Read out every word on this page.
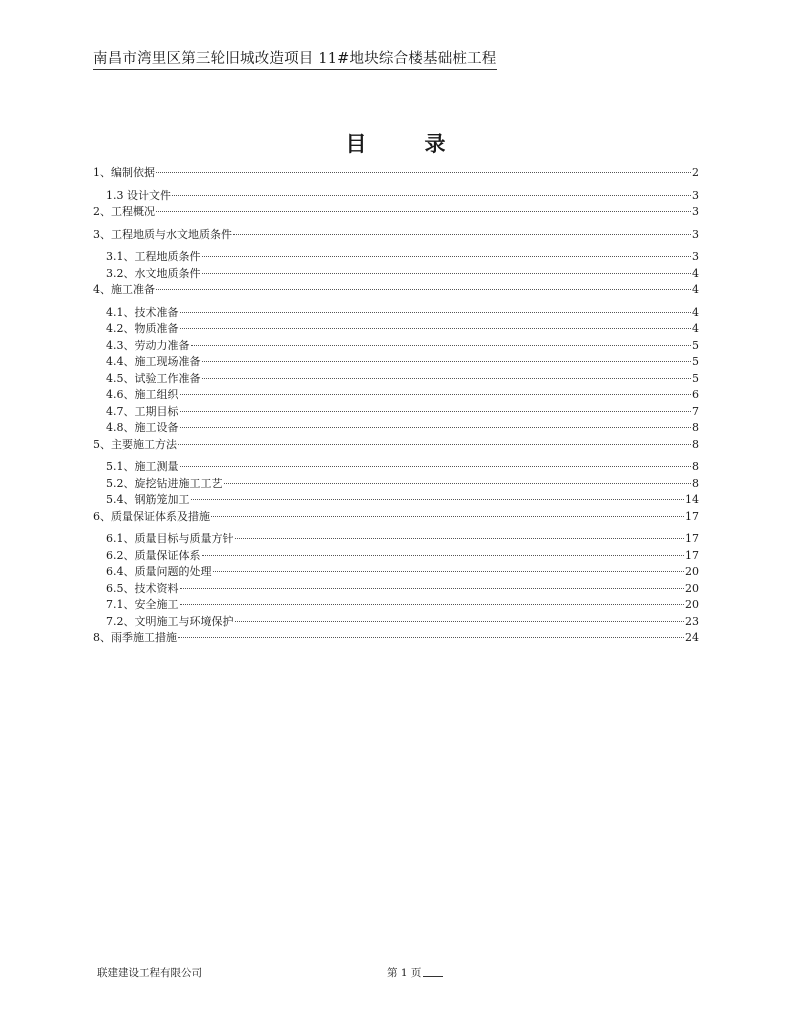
南昌市湾里区第三轮旧城改造项目 11#地块综合楼基础桩工程
目	录
1、编制依据	2
1.3 设计文件	3
2、工程概况	3
3、工程地质与水文地质条件	3
3.1、工程地质条件	3
3.2、水文地质条件	4
4、施工准备	4
4.1、技术准备	4
4.2、物质准备	4
4.3、劳动力准备	5
4.4、施工现场准备	5
4.5、试验工作准备	5
4.6、施工组织	6
4.7、工期目标	7
4.8、施工设备	8
5、主要施工方法	8
5.1、施工测量	8
5.2、旋挖钻进施工工艺	8
5.4、钢筋笼加工	14
6、质量保证体系及措施	17
6.1、质量目标与质量方针	17
6.2、质量保证体系	17
6.4、质量问题的处理	20
6.5、技术资料	20
7.1、安全施工	20
7.2、文明施工与环境保护	23
8、雨季施工措施	24
联建建设工程有限公司	第 1 页
